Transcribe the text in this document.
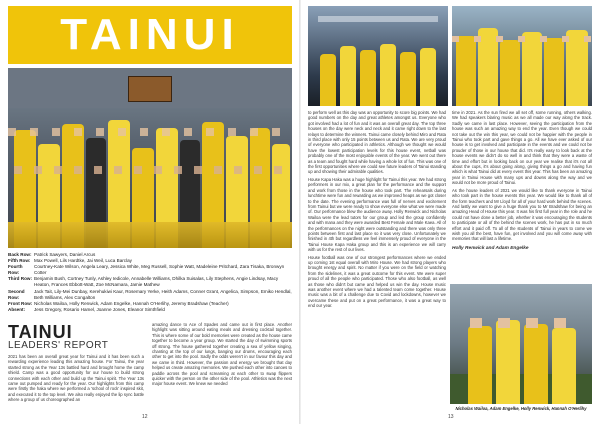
TAINUI
Back Row: Patrick Sawyers, Daniel Arcus
Fifth Row: Max Powell, Lils Hardtke, Jai Weil, Luca Barclay
Fourth Row:
Courtney-Kate Wilson, Angela Leary, Jessica White, Meg Russell, Sophie Watt, Madeleine Pritchard, Zara Tisaka, Bronwyn Cotter
Third Row: Benjamin Bush, Cortney Tunly, Ashley Iedicole, Annabelle Williams, Dhilka Suisalas, Lily Stephens, Angie Lindsay, Macy Heaton, Frances Ebbott-Watt, Zoe McNamara, Jamie Mathew
Second Row:
Jack Tait, Lily-Mei Dunbay, Kerehukiwi Kaur, Rosemary Yerke, Heith Adams, Conner Grant, Angelica, Simpson, Emiko Hendlal, Beth Williams, Alex Congalton
Front Row: Nicholas Wailoa, Holly Renwick, Adam Engelke, Hannah O'Herlihy, Jeremy Bradshaw (Teacher)
Absent:	Jess Gregory, Rosario Hamel, Joanne Jones, Eleanor Simthfield
TAINUI
LEADERS' REPORT

2021 has been an overall great year for Tainui and it has been such a rewarding experience leading this amazing house. For Tainui, the year started strong as the Year 13s battled hard and brought home the camp shield. Camp was a good opportunity for our house to build strong connections with each other and build up the Tainui spirit. The Year 13s came out pumped and ready for the year. Our highlights from this camp were firstly the haka where we performed a 'school of rock' inspired skit, and executed it to the top level. We also really enjoyed the lip sync battle where a group of us choreographed an

amazing dance to Ace of Spades and came out in first place. Another highlight was sitting around eating meals and dressing cocktail together. This is where some of our bold memories were created as the house came together to become a year group. We started the day of swimming sports off strong. The house gathered together creating a sea of yellow singing, chanting at the top of our lungs, banging our drums, encouraging each other to get into the pool. Sadly the odds weren't in our favour this day and we came in third. However, the passion and energy we brought that day helped us create amazing memories. We pushed each other into canoes to paddle across the pool and screaming at each other to swap flippers quicker with the person on the other side of the pool. Athletics was the next major house event. We knew we needed

12

to perform well as this day was an opportunity to score big points. We had good numbers on the day and great athletes amongst us. Everyone who got involved had a lot of fun and it was an overall great day. The top three houses on the day were neck and neck and it came right down to the last relays to determine the winners. Tainui came closely behind Miro and Rata in third place with only 15 points between us and Rata. We are very proud of everyone who participated in athletics. Although we thought we would have the lowest participation levels for this house event, netball was probably one of the most enjoyable events of the year. We went out there as a team and fought hard while having a whole lot of fun. This was one of the first opportunities where we could see future leaders of Tainui standing up and showing their admirable qualities.

House Kapa Haka was a huge highlight for Tainui this year. We had strong performers in our mix, a great plan for the performance and the support and work from those in the house who took part. The rehearsals during lunchtime were fun and rewarding as we improved heaps as we got closer to the date. The evening performance was full of nerves and excitement from Tainui but we were ready to show everyone else what we were made of. Our performance blew the audience away. Holly Renwick and Nicholas Wailoa were the lead tutors for our group and led the group confidently and with mana and they were awarded Best Female and Male Kaea. All of the performances on the night were outstanding and there was only three points between first and last place so it was very close. Unfortunately we finished in 4th but regardless we feel immensely proud of everyone in the Tainui House Kapa Haka group and this is an experience we will carry with us for the rest of our lives.

House football was one of our strongest performances where we ended up coming 1st equal overall with Miro House. We had strong players who brought energy and spirit. No matter if you were on the field or watching from the sidelines, it was a great outcome for this event. We were super proud of all the people who participated. Those who also football, as well as those who didn't but came and helped us win the day. House music was another event where we had a talented team come together. House music was a bit of a challenge due to Covid and lockdowns, however we overcame these and put on a great performance, it was a great way to end our year.

time in 2021. As the sun fired we all set off, some running, others walking. We had speakers blaring music as we all made our way along the track. Sadly we came in last place. However, seeing the participation from the house was such an amazing way to end the year. Even though we could not take out the win this year, we could not be happier with the people in Tainui who took part and gave things a go. All we have ever asked of our house is to get involved and participate in the events and we could not be prouder of those in our house that did. It's really easy to look back at the house events we didn't do so well in and think that they were a waste of time and effort but in looking back on our year we realise that it's not all about the cups, it's about going along, giving things a go and having fun which is what Tainui did at every event this year. This has been an amazing year in Tainui House with many ups and downs along the way and we would not be more proud of Tainui.

As the house leaders of 2021 we would like to thank everyone in Tainui who took part in the house events this year. We would like to thank all of the form teachers and Mr Lloyd for all of your hard work behind the scenes. And lastly we want to give a huge thank you to Mr Bradshaw for being an amazing Head of House this year. It was his first full year in the role and he could not have done a better job, whether it was encouraging the students to participate or all of the behind the scenes work, he has put in so much effort and it paid off. To all of the students of Tainui in years to come we wish you all the best, have fun, get involved and you will come away with memories that will last a lifetime.

Holly Renwick and Adam Engelke
Nicholas Wailoa, Adam Engelke, Holly Renwick, Hannah O'Herlihy
13
